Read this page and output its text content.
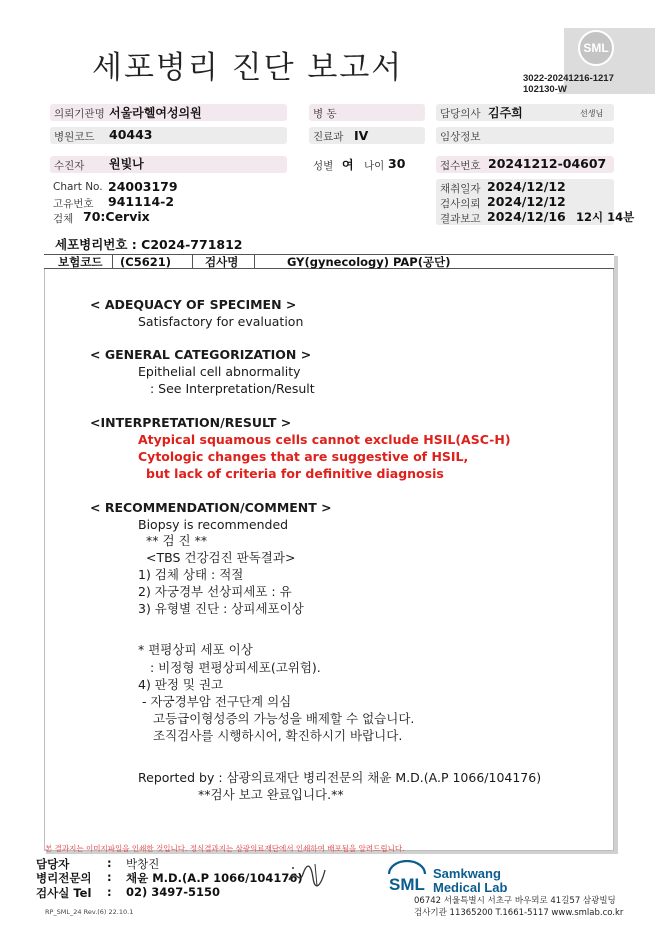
세포병리 진단 보고서
SML
3022-20241216-1217
102130-W
의뢰기관명 서울라헬여성의원	병 동	담당의사 김주희	선생님
병원코드 40443	진료과 IV	임상정보
수진자 원빛나	성별 여 나이 30	접수번호 20241212-04607
Chart No. 24003179
고유번호 941114-2
검체 70:Cervix
채취일자 2024/12/12
검사의뢰 2024/12/12
결과보고 2024/12/16 12시 14분
세포병리번호 : C2024-771812
보험코드 (C5621)	검사명	GY(gynecology) PAP(공단)
< ADEQUACY OF SPECIMEN >
Satisfactory for evaluation
< GENERAL CATEGORIZATION >
Epithelial cell abnormality
: See Interpretation/Result
<INTERPRETATION/RESULT >
Atypical squamous cells cannot exclude HSIL(ASC-H)
Cytologic changes that are suggestive of HSIL,
but lack of criteria for definitive diagnosis
< RECOMMENDATION/COMMENT >
Biopsy is recommended
** 검 진 **
<TBS 건강검진 판독결과>
1) 검체 상태 : 적절
2) 자궁경부 선상피세포 : 유
3) 유형별 진단 : 상피세포이상
* 편평상피 세포 이상
: 비정형 편평상피세포(고위험).
4) 판정 및 권고
- 자궁경부암 전구단계 의심
고등급이형성증의 가능성을 배제할 수 없습니다.
조직검사를 시행하시어, 확진하시기 바랍니다.
Reported by : 삼광의료재단 병리전문의 채윤 M.D.(A.P 1066/104176)
**검사 보고 완료입니다.**
본 결과지는 이미지파일을 인쇄한 것입니다. 정식결과지는 삼광의료재단에서 인쇄하여 배포됨을 알려드립니다.
담당자	: 박창진
병리전문의 : 채윤 M.D.(A.P 1066/104176)
검사실 Tel : 02) 3497-5150
RP_SML_24 Rev.(6) 22.10.1
SML
Samkwang
Medical Lab
06742 서울특별시 서초구 바우뫼로 41길57 삼광빌딩
검사기관 11365200 T.1661-5117 www.smlab.co.kr
